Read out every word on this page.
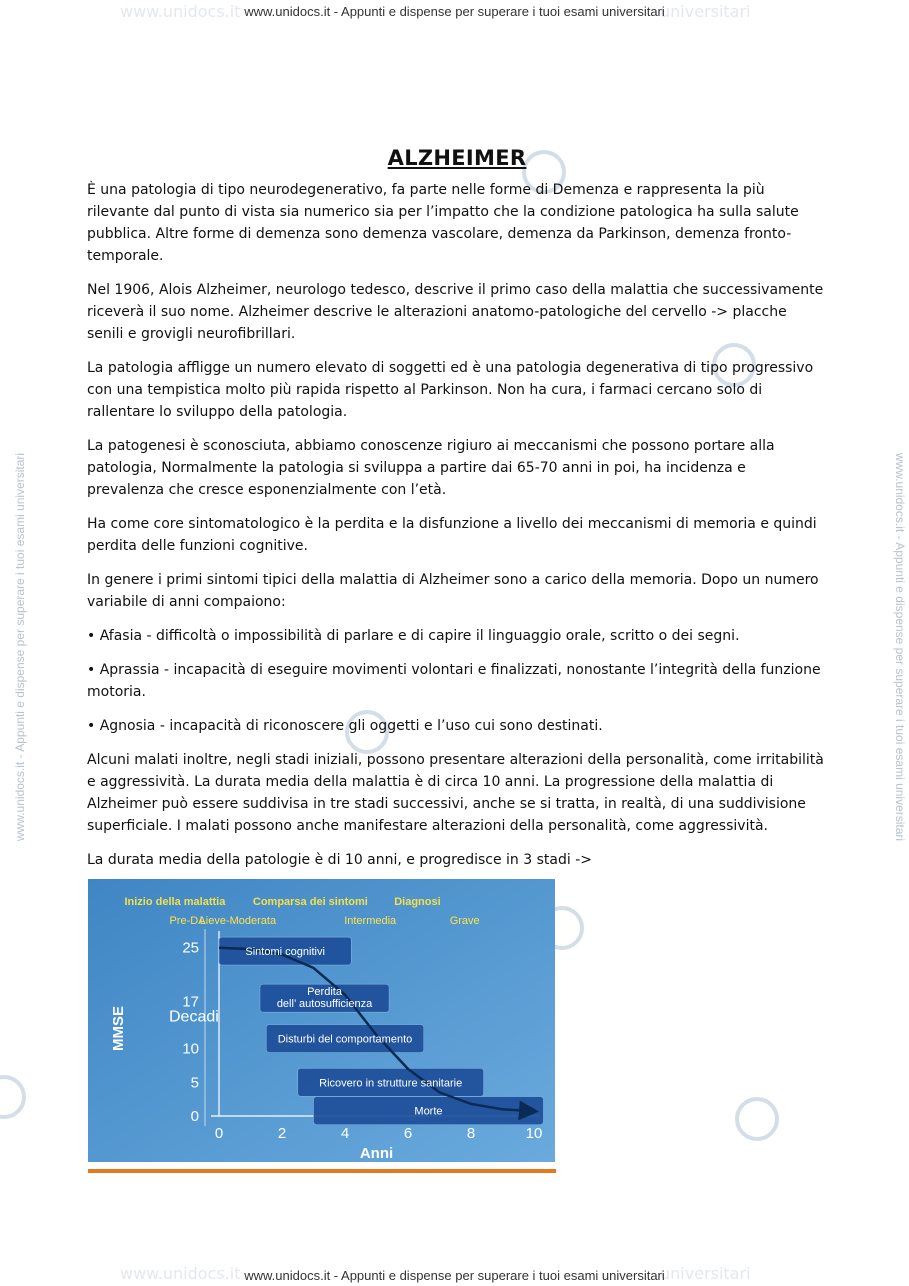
www.unidocs.it	universitari
www.unidocs.it	universitari
www.unidocs.it - Appunti e dispense per superare i tuoi esami universitari
www.unidocs.it - Appunti e dispense per superare i tuoi esami universitari
www.unidocs.it - Appunti e dispense per superare i tuoi esami universitari	www.unidocs.it - Appunti e dispense per superare i tuoi esami universitari
ALZHEIMER

È una patologia di tipo neurodegenerativo, fa parte nelle forme di Demenza e rappresenta la più rilevante dal punto di vista sia numerico sia per l’impatto che la condizione patologica ha sulla salute pubblica. Altre forme di demenza sono demenza vascolare, demenza da Parkinson, demenza fronto-temporale.

Nel 1906, Alois Alzheimer, neurologo tedesco, descrive il primo caso della malattia che successivamente riceverà il suo nome. Alzheimer descrive le alterazioni anatomo-patologiche del cervello -> placche senili e grovigli neurofibrillari.

La patologia affligge un numero elevato di soggetti ed è una patologia degenerativa di tipo progressivo con una tempistica molto più rapida rispetto al Parkinson. Non ha cura, i farmaci cercano solo di rallentare lo sviluppo della patologia.

La patogenesi è sconosciuta, abbiamo conoscenze rigiuro ai meccanismi che possono portare alla patologia, Normalmente la patologia si sviluppa a partire dai 65-70 anni in poi, ha incidenza e prevalenza che cresce esponenzialmente con l’età.

Ha come core sintomatologico è la perdita e la disfunzione a livello dei meccanismi di memoria e quindi perdita delle funzioni cognitive.

In genere i primi sintomi tipici della malattia di Alzheimer sono a carico della memoria. Dopo un numero variabile di anni compaiono:

• Afasia - difficoltà o impossibilità di parlare e di capire il linguaggio orale, scritto o dei segni.

• Aprassia - incapacità di eseguire movimenti volontari e finalizzati, nonostante l’integrità della funzione motoria.

• Agnosia - incapacità di riconoscere gli oggetti e l’uso cui sono destinati.

Alcuni malati inoltre, negli stadi iniziali, possono presentare alterazioni della personalità, come irritabilità e aggressività. La durata media della malattia è di circa 10 anni. La progressione della malattia di Alzheimer può essere suddivisa in tre stadi successivi, anche se si tratta, in realtà, di una suddivisione superficiale. I malati possono anche manifestare alterazioni della personalità, come aggressività.

La durata media della patologie è di 10 anni, e progredisce in 3 stadi ->

25
17
10
5
0
0	2	4	6	8	10
Anni
MMSE
Inizio della malattia	Comparsa dei sintomi Diagnosi
Pre-DA
Lieve-Moderata	Intermedia	Grave
Decadi
Sintomi cognitivi
Perdita
dell’ autosufficienza
Disturbi del comportamento
Ricovero in strutture sanitarie
Morte
